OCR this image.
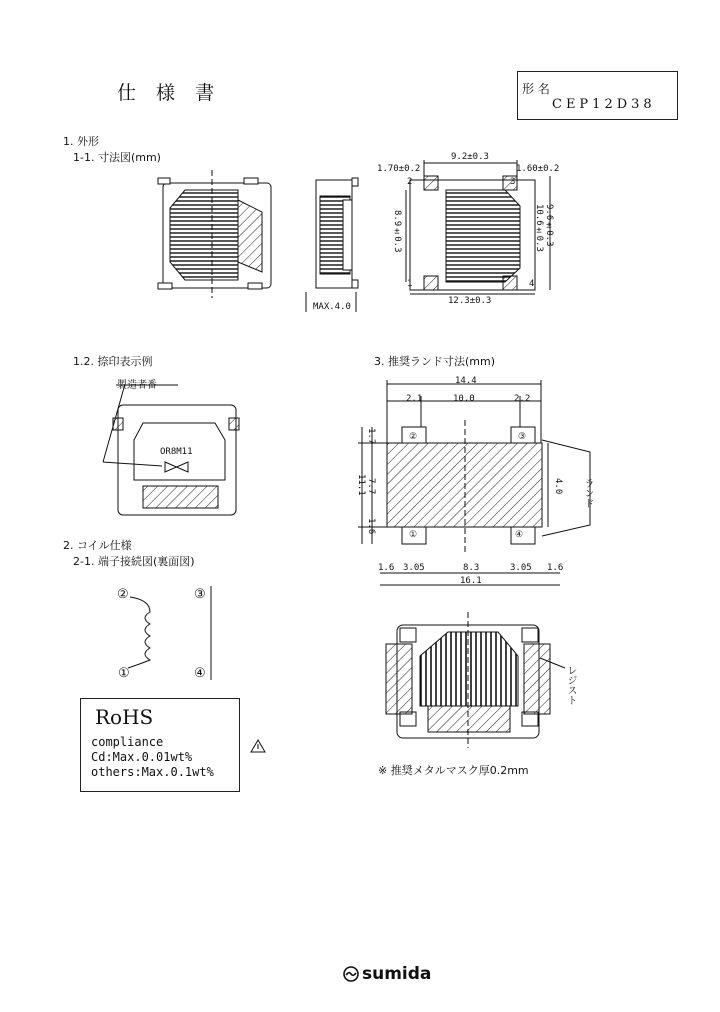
仕 様 書	形 名
CEP12D38
1. 外形
1-1. 寸法図(mm)
1.70±0.2
9.2±0.3
1.60±0.2
8.9±0.3	10.6±0.3 9.6±0.3
MAX.4.0
12.3±0.3
2
1	4
1.2. 捺印表示例
製造者番
OR8M11
3. 推奨ランド寸法(mm)
14.4
2.1	10.0	2.2
11.1
1.7
7.7
1.6
4.0
1.6 3.05	8.3	3.05 1.6
16.1
ランド
レジスト
※ 推奨メタルマスク厚0.2mm
②	③
①	④
2. コイル仕様
2-1. 端子接続図(裏面図)
②	③
①	④
RoHS
compliance
Cd:Max.0.01wt%
others:Max.0.1wt%
sumida
